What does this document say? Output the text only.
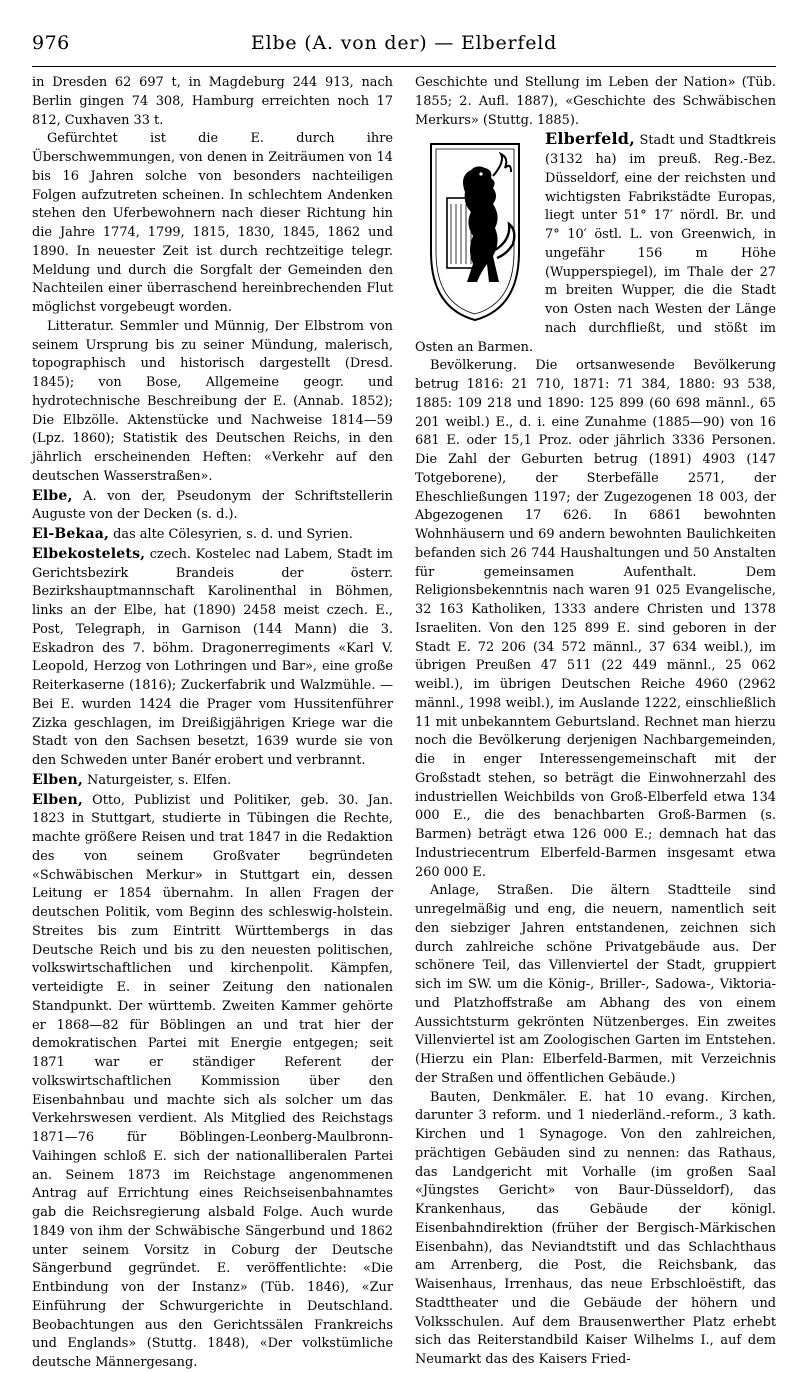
976	Elbe (A. von der) — Elberfeld

in Dresden 62 697 t, in Magdeburg 244 913, nach Berlin gingen 74 308, Hamburg erreichten noch 17 812, Cuxhaven 33 t.

Gefürchtet ist die E. durch ihre Überschwemmungen, von denen in Zeiträumen von 14 bis 16 Jahren solche von besonders nachteiligen Folgen aufzutreten scheinen. In schlechtem Andenken stehen den Uferbewohnern nach dieser Richtung hin die Jahre 1774, 1799, 1815, 1830, 1845, 1862 und 1890. In neuester Zeit ist durch rechtzeitige telegr. Meldung und durch die Sorgfalt der Gemeinden den Nachteilen einer überraschend hereinbrechenden Flut möglichst vorgebeugt worden.

Litteratur. Semmler und Münnig, Der Elbstrom von seinem Ursprung bis zu seiner Mündung, malerisch, topographisch und historisch dargestellt (Dresd. 1845); von Bose, Allgemeine geogr. und hydrotechnische Beschreibung der E. (Annab. 1852); Die Elbzölle. Aktenstücke und Nachweise 1814—59 (Lpz. 1860); Statistik des Deutschen Reichs, in den jährlich erscheinenden Heften: «Verkehr auf den deutschen Wasserstraßen».

Elbe, A. von der, Pseudonym der Schriftstellerin Auguste von der Decken (s. d.).

El-Bekaa, das alte Cölesyrien, s. d. und Syrien.

Elbekostelets, czech. Kostelec nad Labem, Stadt im Gerichtsbezirk Brandeis der österr. Bezirkshauptmannschaft Karolinenthal in Böhmen, links an der Elbe, hat (1890) 2458 meist czech. E., Post, Telegraph, in Garnison (144 Mann) die 3. Eskadron des 7. böhm. Dragonerregiments «Karl V. Leopold, Herzog von Lothringen und Bar», eine große Reiterkaserne (1816); Zuckerfabrik und Walzmühle. — Bei E. wurden 1424 die Prager vom Hussitenführer Zizka geschlagen, im Dreißigjährigen Kriege war die Stadt von den Sachsen besetzt, 1639 wurde sie von den Schweden unter Banér erobert und verbrannt.

Elben, Naturgeister, s. Elfen.

Elben, Otto, Publizist und Politiker, geb. 30. Jan. 1823 in Stuttgart, studierte in Tübingen die Rechte, machte größere Reisen und trat 1847 in die Redaktion des von seinem Großvater begründeten «Schwäbischen Merkur» in Stuttgart ein, dessen Leitung er 1854 übernahm. In allen Fragen der deutschen Politik, vom Beginn des schleswig-holstein. Streites bis zum Eintritt Württembergs in das Deutsche Reich und bis zu den neuesten politischen, volkswirtschaftlichen und kirchenpolit. Kämpfen, verteidigte E. in seiner Zeitung den nationalen Standpunkt. Der württemb. Zweiten Kammer gehörte er 1868—82 für Böblingen an und trat hier der demokratischen Partei mit Energie entgegen; seit 1871 war er ständiger Referent der volkswirtschaftlichen Kommission über den Eisenbahnbau und machte sich als solcher um das Verkehrswesen verdient. Als Mitglied des Reichstags 1871—76 für Böblingen-Leonberg-Maulbronn-Vaihingen schloß E. sich der nationalliberalen Partei an. Seinem 1873 im Reichstage angenommenen Antrag auf Errichtung eines Reichseisenbahnamtes gab die Reichsregierung alsbald Folge. Auch wurde 1849 von ihm der Schwäbische Sängerbund und 1862 unter seinem Vorsitz in Coburg der Deutsche Sängerbund gegründet. E. veröffentlichte: «Die Entbindung von der Instanz» (Tüb. 1846), «Zur Einführung der Schwurgerichte in Deutschland. Beobachtungen aus den Gerichtssälen Frankreichs und Englands» (Stuttg. 1848), «Der volkstümliche deutsche Männergesang.

Geschichte und Stellung im Leben der Nation» (Tüb. 1855; 2. Aufl. 1887), «Geschichte des Schwäbischen Merkurs» (Stuttg. 1885).

Elberfeld, Stadt und Stadtkreis (3132 ha) im preuß. Reg.-Bez. Düsseldorf, eine der reichsten und wichtigsten Fabrikstädte Europas, liegt unter 51° 17′ nördl. Br. und 7° 10′ östl. L. von Greenwich, in ungefähr 156 m Höhe (Wupperspiegel), im Thale der 27 m breiten Wupper, die die Stadt von Osten nach Westen der Länge nach durchfließt, und stößt im Osten an Barmen.

Bevölkerung. Die ortsanwesende Bevölkerung betrug 1816: 21 710, 1871: 71 384, 1880: 93 538, 1885: 109 218 und 1890: 125 899 (60 698 männl., 65 201 weibl.) E., d. i. eine Zunahme (1885—90) von 16 681 E. oder 15,1 Proz. oder jährlich 3336 Personen. Die Zahl der Geburten betrug (1891) 4903 (147 Totgeborene), der Sterbefälle 2571, der Eheschließungen 1197; der Zugezogenen 18 003, der Abgezogenen 17 626. In 6861 bewohnten Wohnhäusern und 69 andern bewohnten Baulichkeiten befanden sich 26 744 Haushaltungen und 50 Anstalten für gemeinsamen Aufenthalt. Dem Religionsbekenntnis nach waren 91 025 Evangelische, 32 163 Katholiken, 1333 andere Christen und 1378 Israeliten. Von den 125 899 E. sind geboren in der Stadt E. 72 206 (34 572 männl., 37 634 weibl.), im übrigen Preußen 47 511 (22 449 männl., 25 062 weibl.), im übrigen Deutschen Reiche 4960 (2962 männl., 1998 weibl.), im Auslande 1222, einschließlich 11 mit unbekanntem Geburtsland. Rechnet man hierzu noch die Bevölkerung derjenigen Nachbargemeinden, die in enger Interessengemeinschaft mit der Großstadt stehen, so beträgt die Einwohnerzahl des industriellen Weichbilds von Groß-Elberfeld etwa 134 000 E., die des benachbarten Groß-Barmen (s. Barmen) beträgt etwa 126 000 E.; demnach hat das Industriecentrum Elberfeld-Barmen insgesamt etwa 260 000 E.

Anlage, Straßen. Die ältern Stadtteile sind unregelmäßig und eng, die neuern, namentlich seit den siebziger Jahren entstandenen, zeichnen sich durch zahlreiche schöne Privatgebäude aus. Der schönere Teil, das Villenviertel der Stadt, gruppiert sich im SW. um die König-, Briller-, Sadowa-, Viktoria- und Platzhoffstraße am Abhang des von einem Aussichtsturm gekrönten Nützenberges. Ein zweites Villenviertel ist am Zoologischen Garten im Entstehen. (Hierzu ein Plan: Elberfeld-Barmen, mit Verzeichnis der Straßen und öffentlichen Gebäude.)

Bauten, Denkmäler. E. hat 10 evang. Kirchen, darunter 3 reform. und 1 niederländ.-reform., 3 kath. Kirchen und 1 Synagoge. Von den zahlreichen, prächtigen Gebäuden sind zu nennen: das Rathaus, das Landgericht mit Vorhalle (im großen Saal «Jüngstes Gericht» von Baur-Düsseldorf), das Krankenhaus, das Gebäude der königl. Eisenbahndirektion (früher der Bergisch-Märkischen Eisenbahn), das Neviandtstift und das Schlachthaus am Arrenberg, die Post, die Reichsbank, das Waisenhaus, Irrenhaus, das neue Erbschloëstift, das Stadttheater und die Gebäude der höhern und Volksschulen. Auf dem Brausenwerther Platz erhebt sich das Reiterstandbild Kaiser Wilhelms I., auf dem Neumarkt das des Kaisers Fried-
